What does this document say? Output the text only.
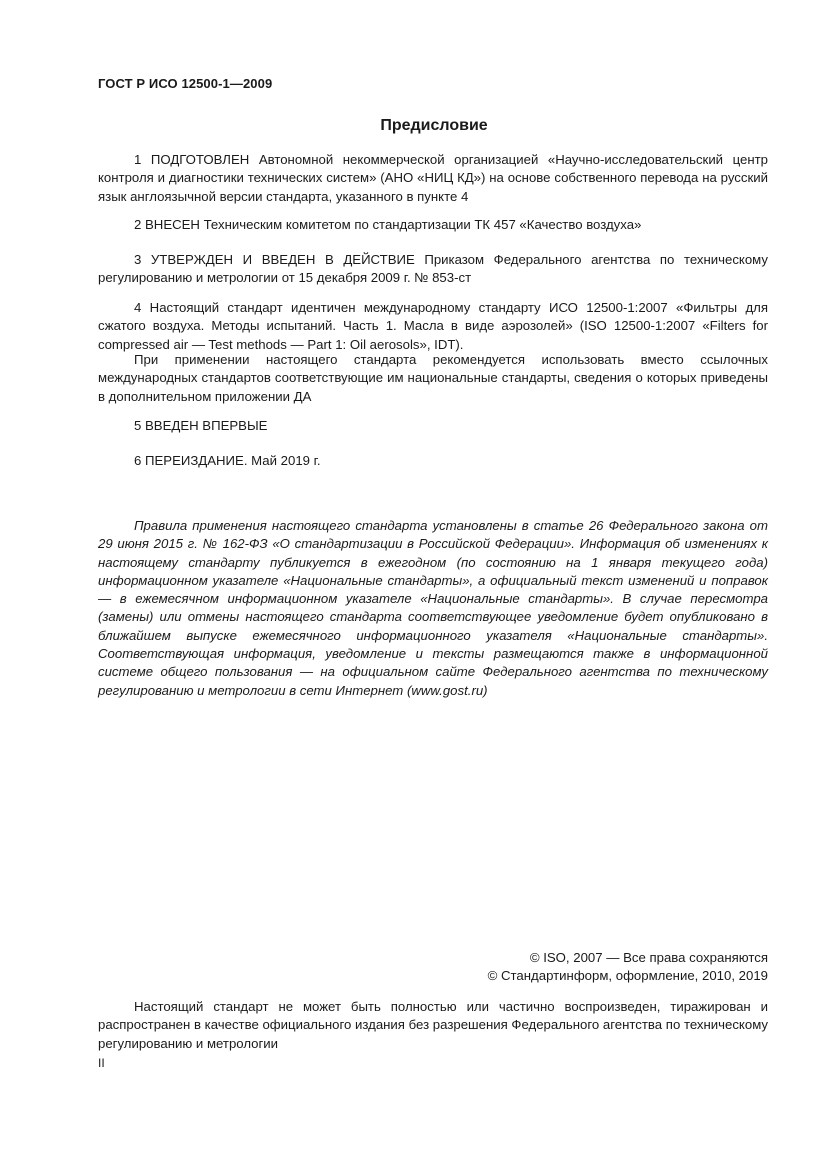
ГОСТ Р ИСО 12500-1—2009
Предисловие
1 ПОДГОТОВЛЕН Автономной некоммерческой организацией «Научно-исследовательский центр контроля и диагностики технических систем» (АНО «НИЦ КД») на основе собственного перевода на русский язык англоязычной версии стандарта, указанного в пункте 4
2 ВНЕСЕН Техническим комитетом по стандартизации ТК 457 «Качество воздуха»
3 УТВЕРЖДЕН И ВВЕДЕН В ДЕЙСТВИЕ Приказом Федерального агентства по техническому регулированию и метрологии от 15 декабря 2009 г. № 853-ст
4 Настоящий стандарт идентичен международному стандарту ИСО 12500-1:2007 «Фильтры для сжатого воздуха. Методы испытаний. Часть 1. Масла в виде аэрозолей» (ISO 12500-1:2007 «Filters for compressed air — Test methods — Part 1: Oil aerosols», IDT).
При применении настоящего стандарта рекомендуется использовать вместо ссылочных международных стандартов соответствующие им национальные стандарты, сведения о которых приведены в дополнительном приложении ДА
5 ВВЕДЕН ВПЕРВЫЕ
6 ПЕРЕИЗДАНИЕ. Май 2019 г.
Правила применения настоящего стандарта установлены в статье 26 Федерального закона от 29 июня 2015 г. № 162-ФЗ «О стандартизации в Российской Федерации». Информация об изменениях к настоящему стандарту публикуется в ежегодном (по состоянию на 1 января текущего года) информационном указателе «Национальные стандарты», а официальный текст изменений и поправок — в ежемесячном информационном указателе «Национальные стандарты». В случае пересмотра (замены) или отмены настоящего стандарта соответствующее уведомление будет опубликовано в ближайшем выпуске ежемесячного информационного указателя «Национальные стандарты». Соответствующая информация, уведомление и тексты размещаются также в информационной системе общего пользования — на официальном сайте Федерального агентства по техническому регулированию и метрологии в сети Интернет (www.gost.ru)
© ISO, 2007 — Все права сохраняются
© Стандартинформ, оформление, 2010, 2019
Настоящий стандарт не может быть полностью или частично воспроизведен, тиражирован и распространен в качестве официального издания без разрешения Федерального агентства по техническому регулированию и метрологии
II
